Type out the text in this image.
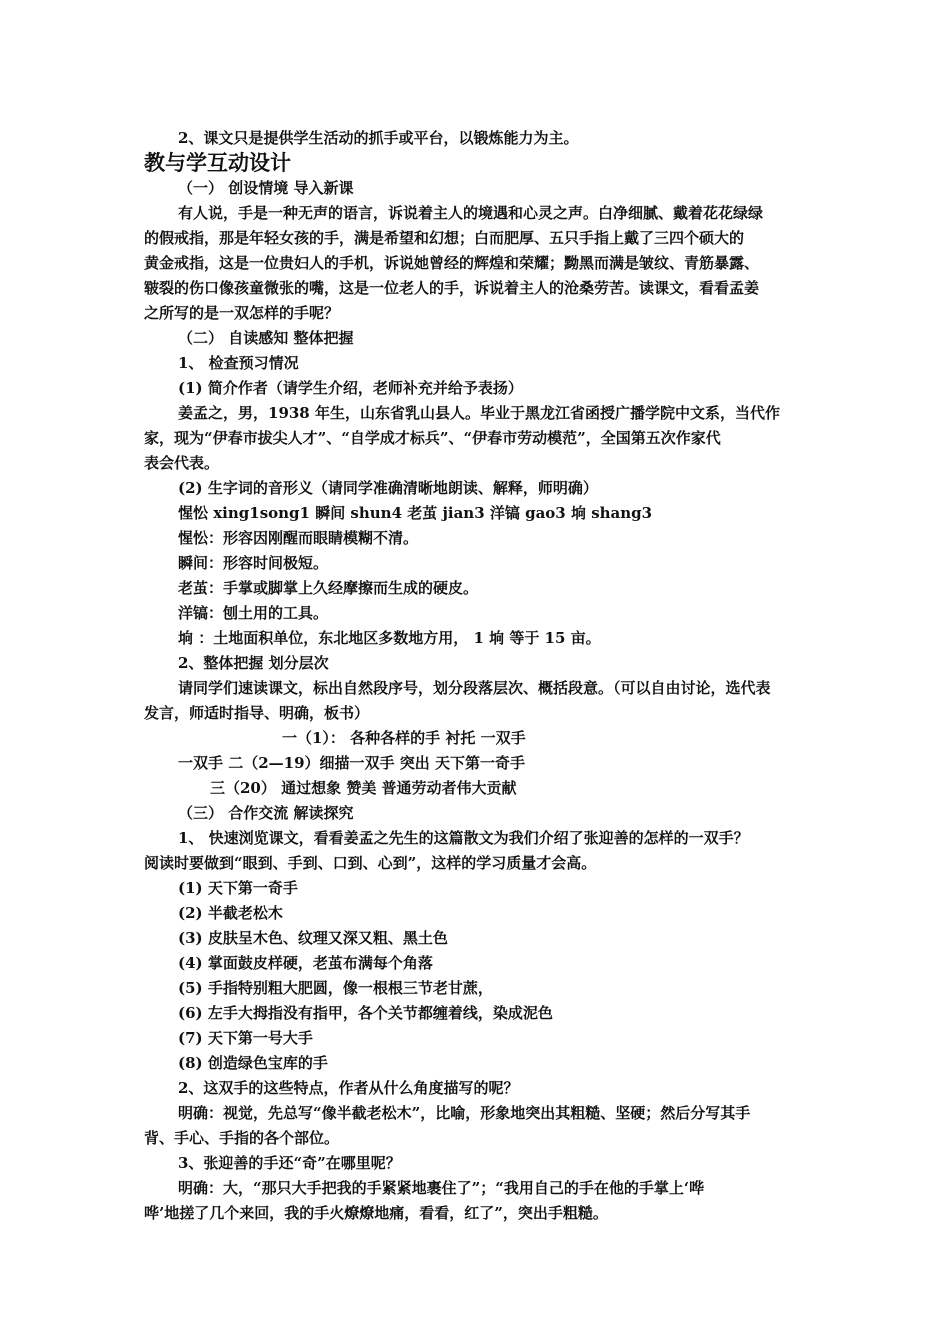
2、课文只是提供学生活动的抓手或平台，以锻炼能力为主。
教与学互动设计
（一） 创设情境 导入新课
有人说，手是一种无声的语言，诉说着主人的境遇和心灵之声。白净细腻、戴着花花绿绿
的假戒指，那是年轻女孩的手，满是希望和幻想；白而肥厚、五只手指上戴了三四个硕大的
黄金戒指，这是一位贵妇人的手机，诉说她曾经的辉煌和荣耀；黝黑而满是皱纹、青筋暴露、
皲裂的伤口像孩童微张的嘴，这是一位老人的手，诉说着主人的沧桑劳苦。读课文，看看孟姜
之所写的是一双怎样的手呢？
（二） 自读感知 整体把握
1、 检查预习情况
(1) 简介作者（请学生介绍，老师补充并给予表扬）
姜孟之，男，1938 年生，山东省乳山县人。毕业于黑龙江省函授广播学院中文系，当代作
家，现为“伊春市拔尖人才”、“自学成才标兵”、“伊春市劳动模范”，全国第五次作家代
表会代表。
(2) 生字词的音形义（请同学准确清晰地朗读、解释，师明确）
惺忪 xing1song1 瞬间 shun4 老茧 jian3 洋镐 gao3 垧 shang3
惺忪：形容因刚醒而眼睛模糊不清。
瞬间：形容时间极短。
老茧：手掌或脚掌上久经摩擦而生成的硬皮。
洋镐：刨土用的工具。
垧 ：土地面积单位，东北地区多数地方用， 1 垧 等于 15 亩。
2、整体把握 划分层次
请同学们速读课文，标出自然段序号，划分段落层次、概括段意。（可以自由讨论，选代表
发言，师适时指导、明确，板书）
一（1）： 各种各样的手 衬托 一双手
一双手 二（2—19）细描一双手 突出 天下第一奇手
三（20） 通过想象 赞美 普通劳动者伟大贡献
（三） 合作交流 解读探究
1、 快速浏览课文，看看姜孟之先生的这篇散文为我们介绍了张迎善的怎样的一双手？
阅读时要做到“眼到、手到、口到、心到”，这样的学习质量才会高。
(1) 天下第一奇手
(2) 半截老松木
(3) 皮肤呈木色、纹理又深又粗、黑土色
(4) 掌面鼓皮样硬，老茧布满每个角落
(5) 手指特别粗大肥圆，像一根根三节老甘蔗，
(6) 左手大拇指没有指甲，各个关节都缠着线，染成泥色
(7) 天下第一号大手
(8) 创造绿色宝库的手
2、这双手的这些特点，作者从什么角度描写的呢？
明确：视觉，先总写“像半截老松木”，比喻，形象地突出其粗糙、坚硬；然后分写其手
背、手心、手指的各个部位。
3、张迎善的手还“奇”在哪里呢？
明确：大，“那只大手把我的手紧紧地裹住了”；“我用自己的手在他的手掌上‘哗
哗’地搓了几个来回，我的手火燎燎地痛，看看，红了”，突出手粗糙。
